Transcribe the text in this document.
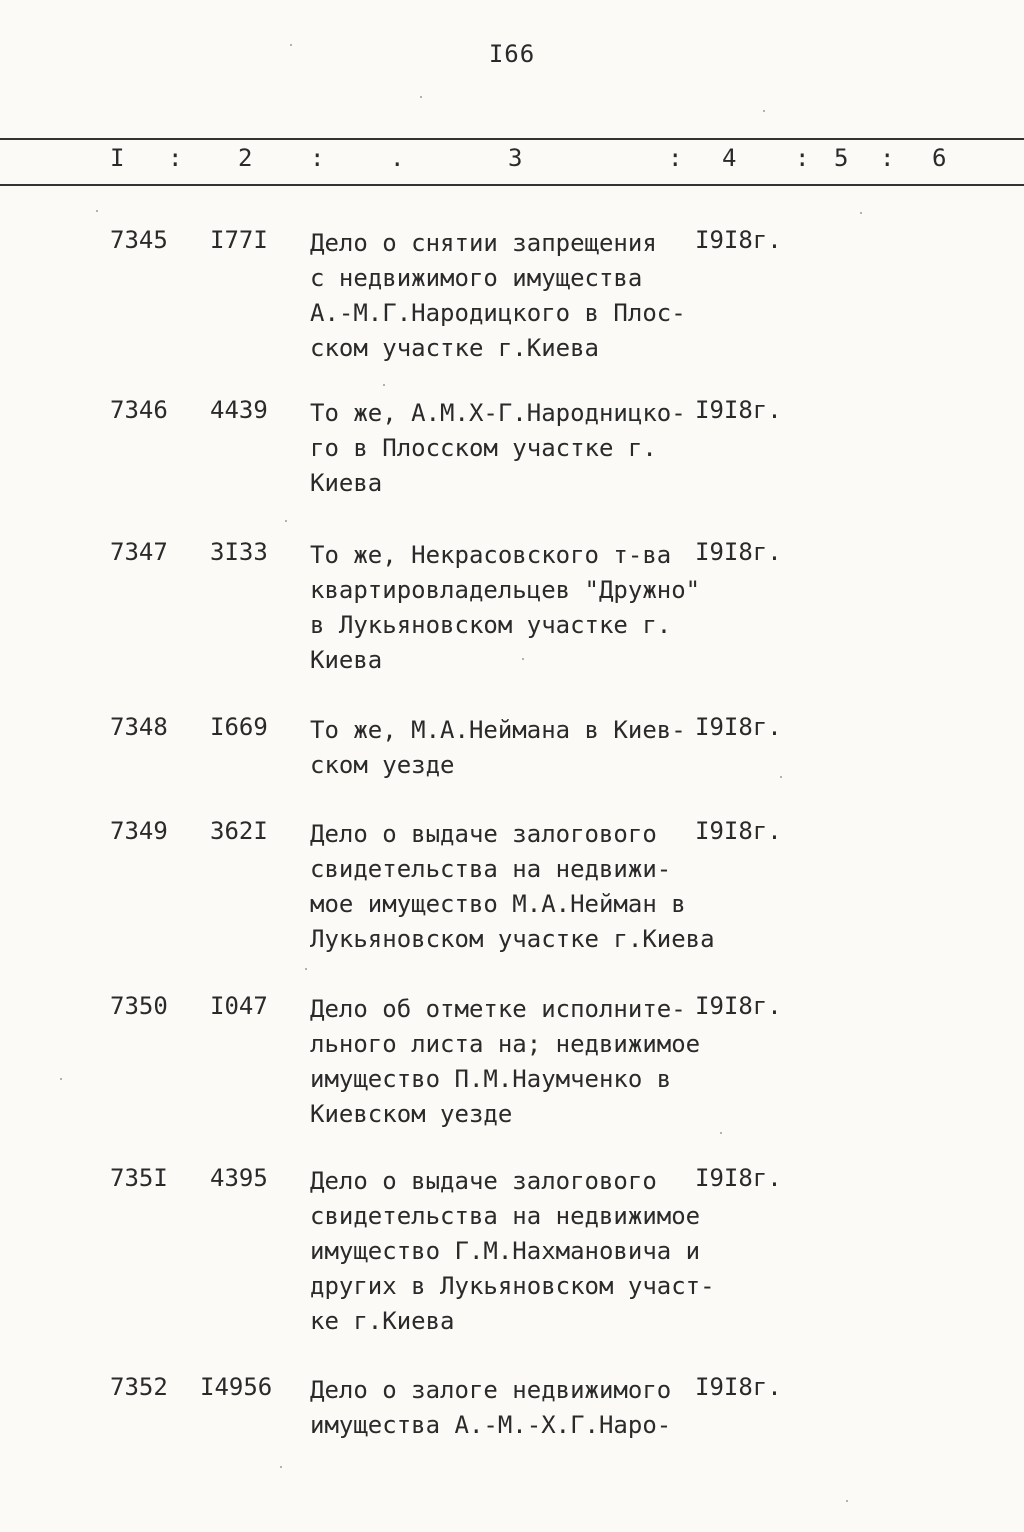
I66
I : 2 :	.	3	: 4 : 5 : 6
7345 I77I Дело о снятии запрещения
с недвижимого имущества
А.-М.Г.Народицкого в Плос-
ском участке г.Киева
I9I8г.
7346 4439 То же, А.М.Х-Г.Народницко-
го в Плосском участке г.
Киева
I9I8г.
7347 3I33 То же, Некрасовского т-ва
квартировладельцев "Дружно"
в Лукьяновском участке г.
Киева
I9I8г.
7348 I669 То же, М.А.Неймана в Киев-
ском уезде
I9I8г.
7349 362I Дело о выдаче залогового
свидетельства на недвижи-
мое имущество М.А.Нейман в
Лукьяновском участке г.Киева
I9I8г.
7350 I047 Дело об отметке исполните-
льного листа на; недвижимое
имущество П.М.Наумченко в
Киевском уезде
I9I8г.
735I 4395 Дело о выдаче залогового
свидетельства на недвижимое
имущество Г.М.Нахмановича и
других в Лукьяновском участ-
ке г.Киева
I9I8г.
7352 I4956 Дело о залоге недвижимого
имущества А.-М.-Х.Г.Наро-
I9I8г.
